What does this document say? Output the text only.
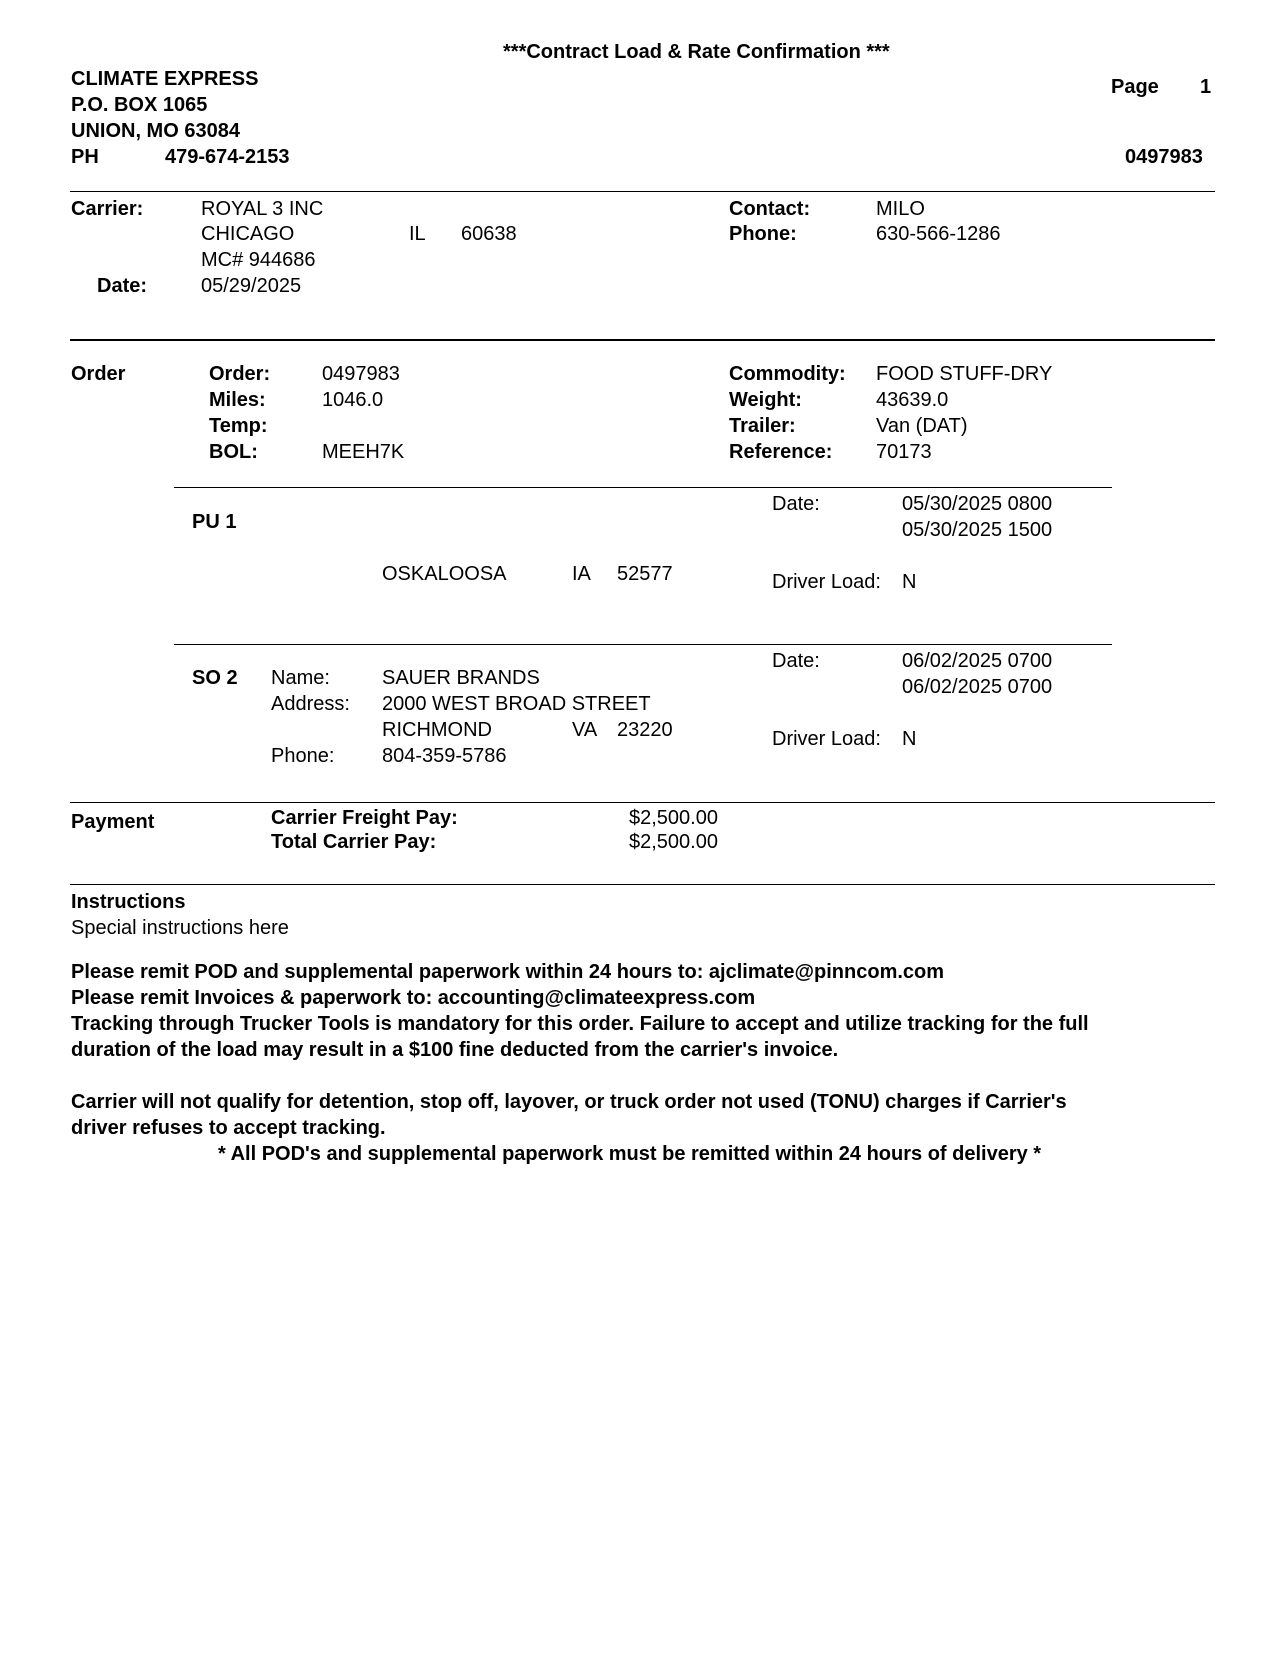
***Contract Load & Rate Confirmation ***
CLIMATE EXPRESS
P.O. BOX 1065
UNION, MO 63084
PH	479-674-2153
Page 1
0497983
Carrier:	ROYAL 3 INC
CHICAGO	IL 60638
MC# 944686
Date:	05/29/2025
Contact:	MILO
Phone:	630-566-1286
Order	Order:	0497983
Miles:	1046.0
Temp:
BOL:	MEEH7K
Commodity: FOOD STUFF-DRY
Weight:	43639.0
Trailer:	Van (DAT)
Reference: 70173
PU 1
OSKALOOSA	IA 52577
Date:	05/30/2025 0800
05/30/2025 1500
Driver Load: N
SO 2 Name:	SAUER BRANDS
Address: 2000 WEST BROAD STREET
RICHMOND	VA 23220
Phone: 804-359-5786
Date:	06/02/2025 0700
06/02/2025 0700
Driver Load: N
Payment	Carrier Freight Pay:	$2,500.00
Total Carrier Pay:	$2,500.00
Instructions
Special instructions here
Please remit POD and supplemental paperwork within 24 hours to: ajclimate@pinncom.com
Please remit Invoices & paperwork to: accounting@climateexpress.com
Tracking through Trucker Tools is mandatory for this order. Failure to accept and utilize tracking for the full
duration of the load may result in a $100 fine deducted from the carrier's invoice.
Carrier will not qualify for detention, stop off, layover, or truck order not used (TONU) charges if Carrier's
driver refuses to accept tracking.
* All POD's and supplemental paperwork must be remitted within 24 hours of delivery *
